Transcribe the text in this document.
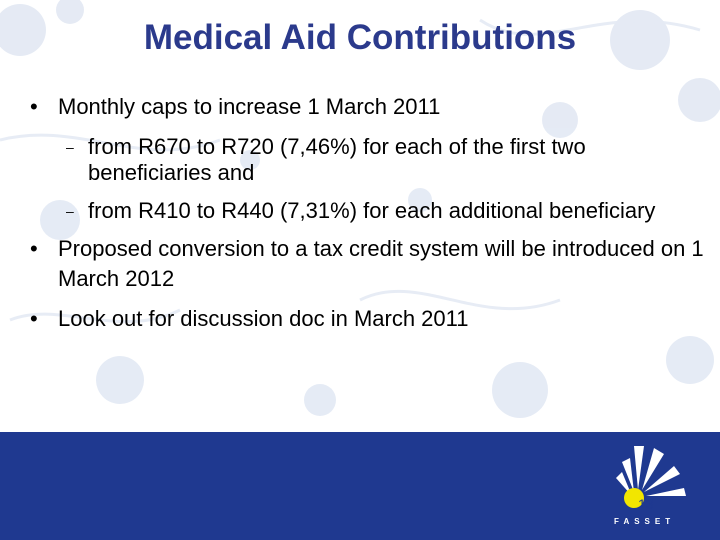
Medical Aid Contributions
• Monthly caps to increase 1 March 2011
– from R670 to R720 (7,46%) for each of the first two beneficiaries and
– from R410 to R440 (7,31%) for each additional beneficiary
• Proposed conversion to a tax credit system will be introduced on 1 March 2012
• Look out for discussion doc in March 2011
13
FASSET
